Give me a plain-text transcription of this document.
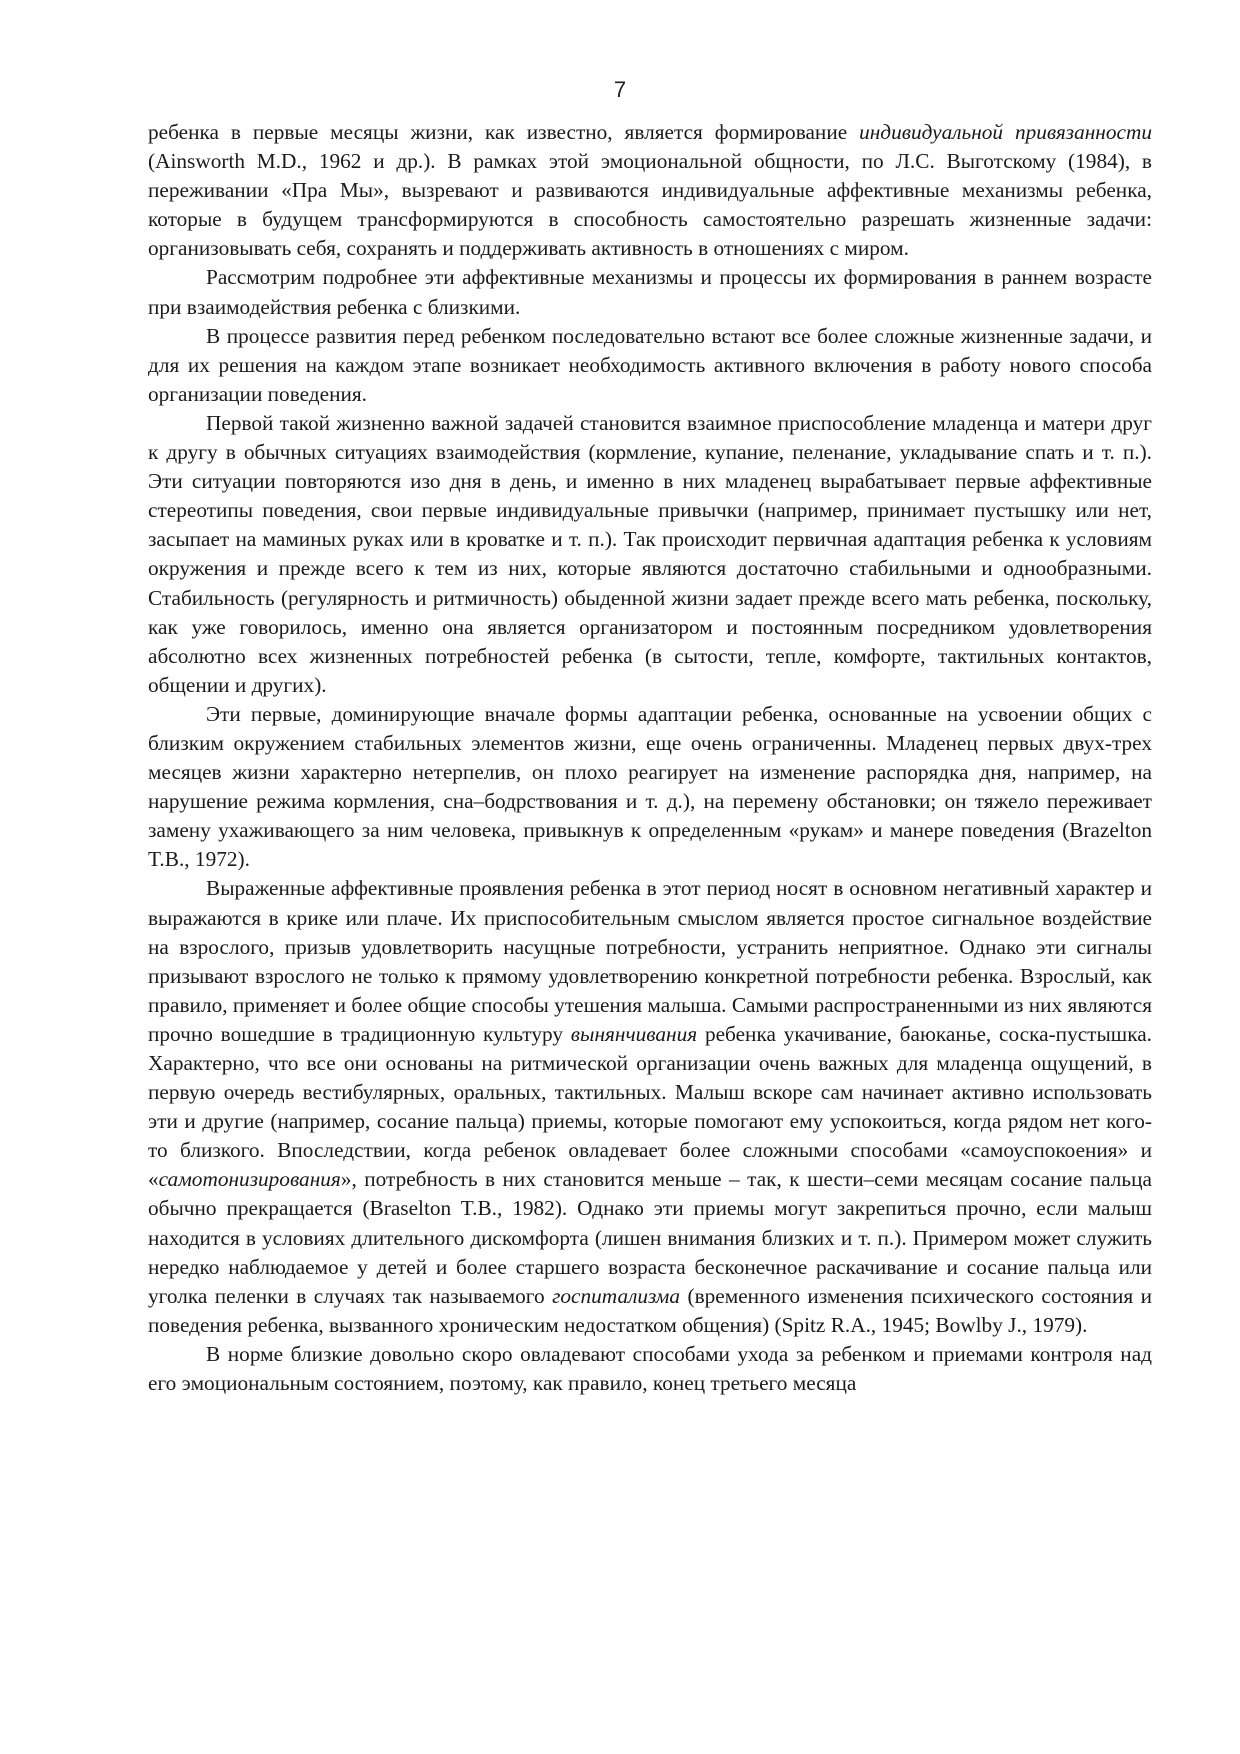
7

ребенка в первые месяцы жизни, как известно, является формирование индивидуальной привязанности (Ainsworth M.D., 1962 и др.). В рамках этой эмоциональной общности, по Л.С. Выготскому (1984), в переживании «Пра Мы», вызревают и развиваются индивидуальные аффективные механизмы ребенка, которые в будущем трансформируются в способность самостоятельно разрешать жизненные задачи: организовывать себя, сохранять и поддерживать активность в отношениях с миром.

Рассмотрим подробнее эти аффективные механизмы и процессы их формирования в раннем возрасте при взаимодействия ребенка с близкими.

В процессе развития перед ребенком последовательно встают все более сложные жизненные задачи, и для их решения на каждом этапе возникает необходимость активного включения в работу нового способа организации поведения.

Первой такой жизненно важной задачей становится взаимное приспособление младенца и матери друг к другу в обычных ситуациях взаимодействия (кормление, купание, пеленание, укладывание спать и т. п.). Эти ситуации повторяются изо дня в день, и именно в них младенец вырабатывает первые аффективные стереотипы поведения, свои первые индивидуальные привычки (например, принимает пустышку или нет, засыпает на маминых руках или в кроватке и т. п.). Так происходит первичная адаптация ребенка к условиям окружения и прежде всего к тем из них, которые являются достаточно стабильными и однообразными. Стабильность (регулярность и ритмичность) обыденной жизни задает прежде всего мать ребенка, поскольку, как уже говорилось, именно она является организатором и постоянным посредником удовлетворения абсолютно всех жизненных потребностей ребенка (в сытости, тепле, комфорте, тактильных контактов, общении и других).

Эти первые, доминирующие вначале формы адаптации ребенка, основанные на усвоении общих с близким окружением стабильных элементов жизни, еще очень ограниченны. Младенец первых двух-трех месяцев жизни характерно нетерпелив, он плохо реагирует на изменение распорядка дня, например, на нарушение режима кормления, сна–бодрствования и т. д.), на перемену обстановки; он тяжело переживает замену ухаживающего за ним человека, привыкнув к определенным «рукам» и манере поведения (Brazelton T.B., 1972).

Выраженные аффективные проявления ребенка в этот период носят в основном негативный характер и выражаются в крике или плаче. Их приспособительным смыслом является простое сигнальное воздействие на взрослого, призыв удовлетворить насущные потребности, устранить неприятное. Однако эти сигналы призывают взрослого не только к прямому удовлетворению конкретной потребности ребенка. Взрослый, как правило, применяет и более общие способы утешения малыша. Самыми распространенными из них являются прочно вошедшие в традиционную культуру вынянчивания ребенка укачивание, баюканье, соска-пустышка. Характерно, что все они основаны на ритмической организации очень важных для младенца ощущений, в первую очередь вестибулярных, оральных, тактильных. Малыш вскоре сам начинает активно использовать эти и другие (например, сосание пальца) приемы, которые помогают ему успокоиться, когда рядом нет кого-то близкого. Впоследствии, когда ребенок овладевает более сложными способами «самоуспокоения» и «самотонизирования», потребность в них становится меньше – так, к шести–семи месяцам сосание пальца обычно прекращается (Braselton T.B., 1982). Однако эти приемы могут закрепиться прочно, если малыш находится в условиях длительного дискомфорта (лишен внимания близких и т. п.). Примером может служить нередко наблюдаемое у детей и более старшего возраста бесконечное раскачивание и сосание пальца или уголка пеленки в случаях так называемого госпитализма (временного изменения психического состояния и поведения ребенка, вызванного хроническим недостатком общения) (Spitz R.A., 1945; Bowlby J., 1979).

В норме близкие довольно скоро овладевают способами ухода за ребенком и приемами контроля над его эмоциональным состоянием, поэтому, как правило, конец третьего месяца
